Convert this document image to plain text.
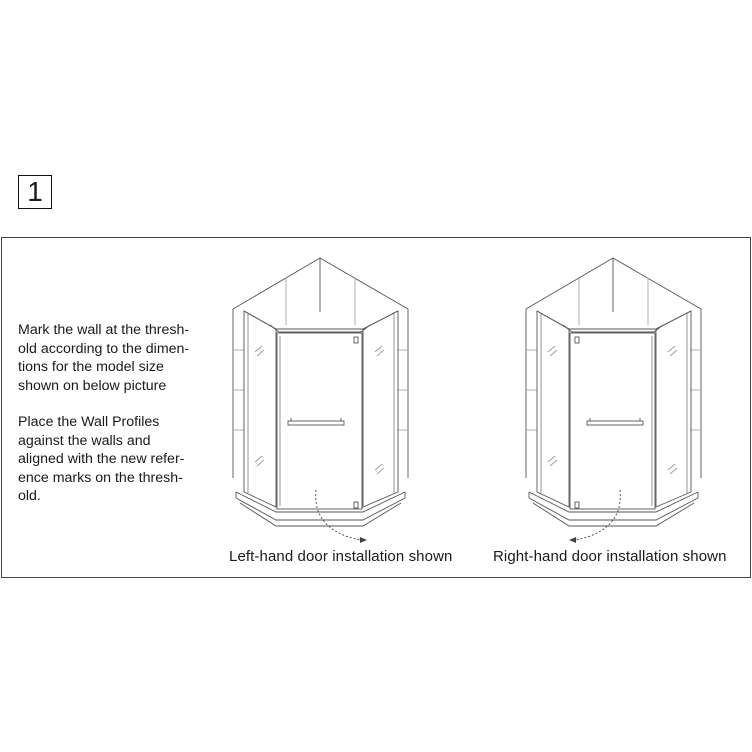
1

Mark the wall at the thresh-
old according to the dimen-
tions for the model size
shown on below picture

Place the Wall Profiles
against the walls and
aligned with the new refer-
ence marks on the thresh-
old.

Left-hand door installation shown	Right-hand door installation shown
